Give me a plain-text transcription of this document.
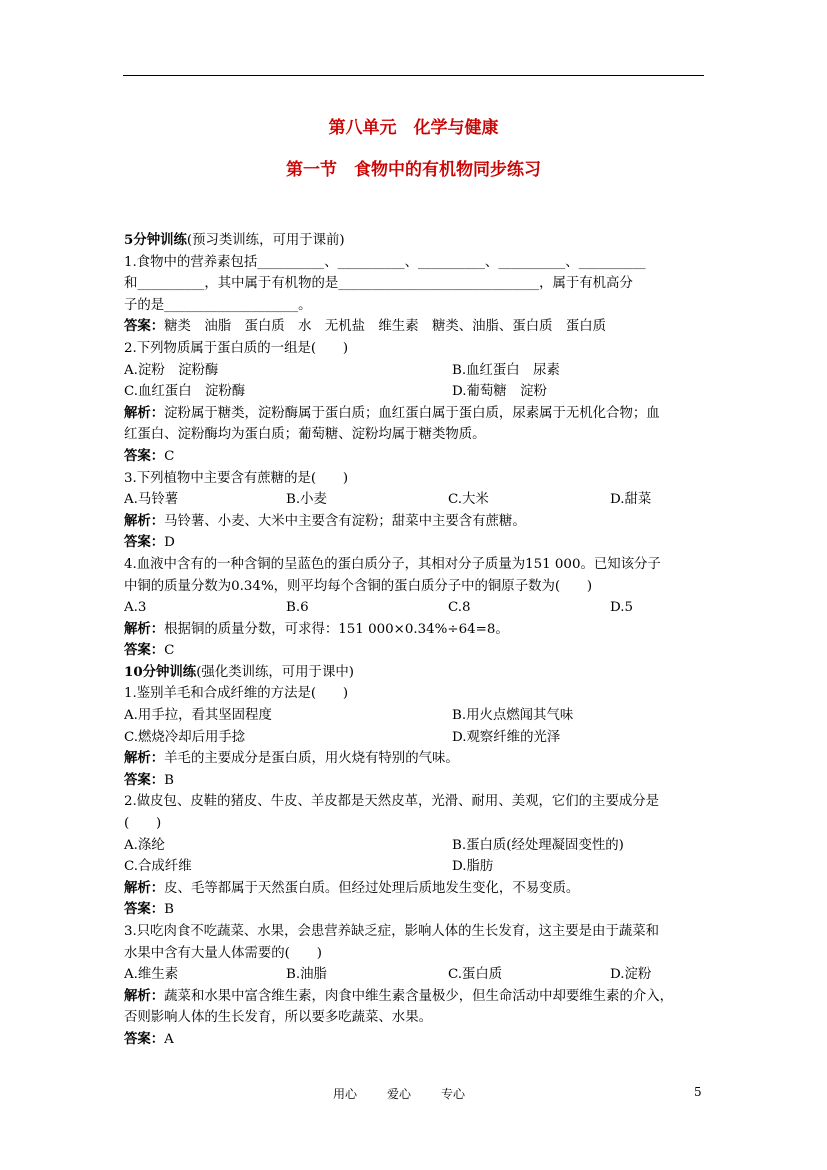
第八单元　化学与健康
第一节　食物中的有机物同步练习
5分钟训练(预习类训练，可用于课前)
1.食物中的营养素包括__________、__________、__________、__________、__________
和__________，其中属于有机物的是______________________________，属于有机高分
子的是____________________。
答案：糖类　油脂　蛋白质　水　无机盐　维生素　糖类、油脂、蛋白质　蛋白质
2.下列物质属于蛋白质的一组是(　　)
A.淀粉　淀粉酶	B.血红蛋白　尿素
C.血红蛋白　淀粉酶	D.葡萄糖　淀粉
解析：淀粉属于糖类，淀粉酶属于蛋白质；血红蛋白属于蛋白质，尿素属于无机化合物；血
红蛋白、淀粉酶均为蛋白质；葡萄糖、淀粉均属于糖类物质。
答案：C
3.下列植物中主要含有蔗糖的是(　　)
A.马铃薯	B.小麦	C.大米	D.甜菜
解析：马铃薯、小麦、大米中主要含有淀粉；甜菜中主要含有蔗糖。
答案：D
4.血液中含有的一种含铜的呈蓝色的蛋白质分子，其相对分子质量为151 000。已知该分子
中铜的质量分数为0.34%，则平均每个含铜的蛋白质分子中的铜原子数为(　　)
A.3	B.6	C.8	D.5
解析：根据铜的质量分数，可求得：151 000×0.34%÷64=8。
答案：C
10分钟训练(强化类训练，可用于课中)
1.鉴别羊毛和合成纤维的方法是(　　)
A.用手拉，看其坚固程度	B.用火点燃闻其气味
C.燃烧冷却后用手捻	D.观察纤维的光泽
解析：羊毛的主要成分是蛋白质，用火烧有特别的气味。
答案：B
2.做皮包、皮鞋的猪皮、牛皮、羊皮都是天然皮革，光滑、耐用、美观，它们的主要成分是
(　　)
A.涤纶	B.蛋白质(经处理凝固变性的)
C.合成纤维	D.脂肪
解析：皮、毛等都属于天然蛋白质。但经过处理后质地发生变化，不易变质。
答案：B
3.只吃肉食不吃蔬菜、水果，会患营养缺乏症，影响人体的生长发育，这主要是由于蔬菜和
水果中含有大量人体需要的(　　)
A.维生素	B.油脂	C.蛋白质	D.淀粉
解析：蔬菜和水果中富含维生素，肉食中维生素含量极少，但生命活动中却要维生素的介入，
否则影响人体的生长发育，所以要多吃蔬菜、水果。
答案：A
用心	爱心	专心	5
